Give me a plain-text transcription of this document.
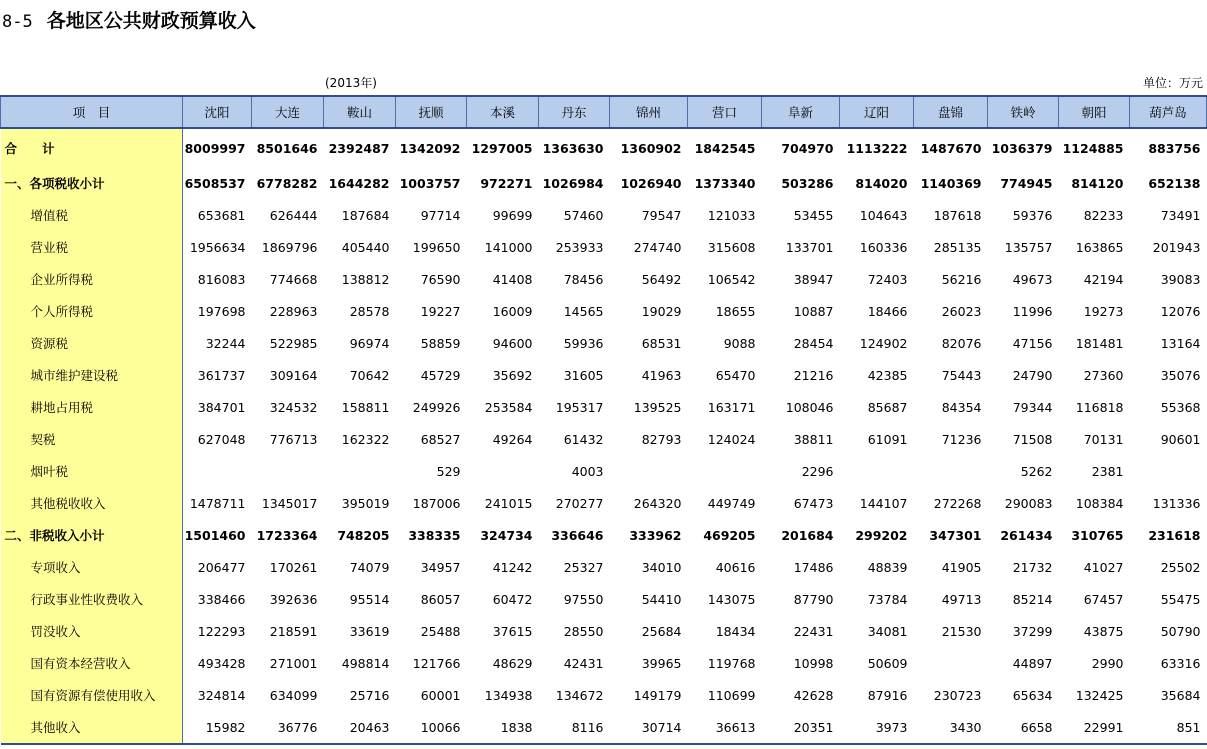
8-5 各地区公共财政预算收入
(2013年)	单位：万元
项　目	沈阳	大连	鞍山	抚顺	本溪	丹东	锦州	营口	阜新	辽阳	盘锦	铁岭	朝阳	葫芦岛
合　　计	8009997	8501646	2392487	1342092	1297005	1363630	1360902	1842545	704970	1113222	1487670	1036379	1124885	883756
一、各项税收小计	6508537	6778282	1644282	1003757	972271	1026984	1026940	1373340	503286	814020	1140369	774945	814120	652138
增值税	653681	626444	187684	97714	99699	57460	79547	121033	53455	104643	187618	59376	82233	73491
营业税	1956634	1869796	405440	199650	141000	253933	274740	315608	133701	160336	285135	135757	163865	201943
企业所得税	816083	774668	138812	76590	41408	78456	56492	106542	38947	72403	56216	49673	42194	39083
个人所得税	197698	228963	28578	19227	16009	14565	19029	18655	10887	18466	26023	11996	19273	12076
资源税	32244	522985	96974	58859	94600	59936	68531	9088	28454	124902	82076	47156	181481	13164
城市维护建设税	361737	309164	70642	45729	35692	31605	41963	65470	21216	42385	75443	24790	27360	35076
耕地占用税	384701	324532	158811	249926	253584	195317	139525	163171	108046	85687	84354	79344	116818	55368
契税	627048	776713	162322	68527	49264	61432	82793	124024	38811	61091	71236	71508	70131	90601
烟叶税				529		4003			2296			5262	2381	
其他税收收入	1478711	1345017	395019	187006	241015	270277	264320	449749	67473	144107	272268	290083	108384	131336
二、非税收入小计	1501460	1723364	748205	338335	324734	336646	333962	469205	201684	299202	347301	261434	310765	231618
专项收入	206477	170261	74079	34957	41242	25327	34010	40616	17486	48839	41905	21732	41027	25502
行政事业性收费收入	338466	392636	95514	86057	60472	97550	54410	143075	87790	73784	49713	85214	67457	55475
罚没收入	122293	218591	33619	25488	37615	28550	25684	18434	22431	34081	21530	37299	43875	50790
国有资本经营收入	493428	271001	498814	121766	48629	42431	39965	119768	10998	50609		44897	2990	63316
国有资源有偿使用收入	324814	634099	25716	60001	134938	134672	149179	110699	42628	87916	230723	65634	132425	35684
其他收入	15982	36776	20463	10066	1838	8116	30714	36613	20351	3973	3430	6658	22991	851
